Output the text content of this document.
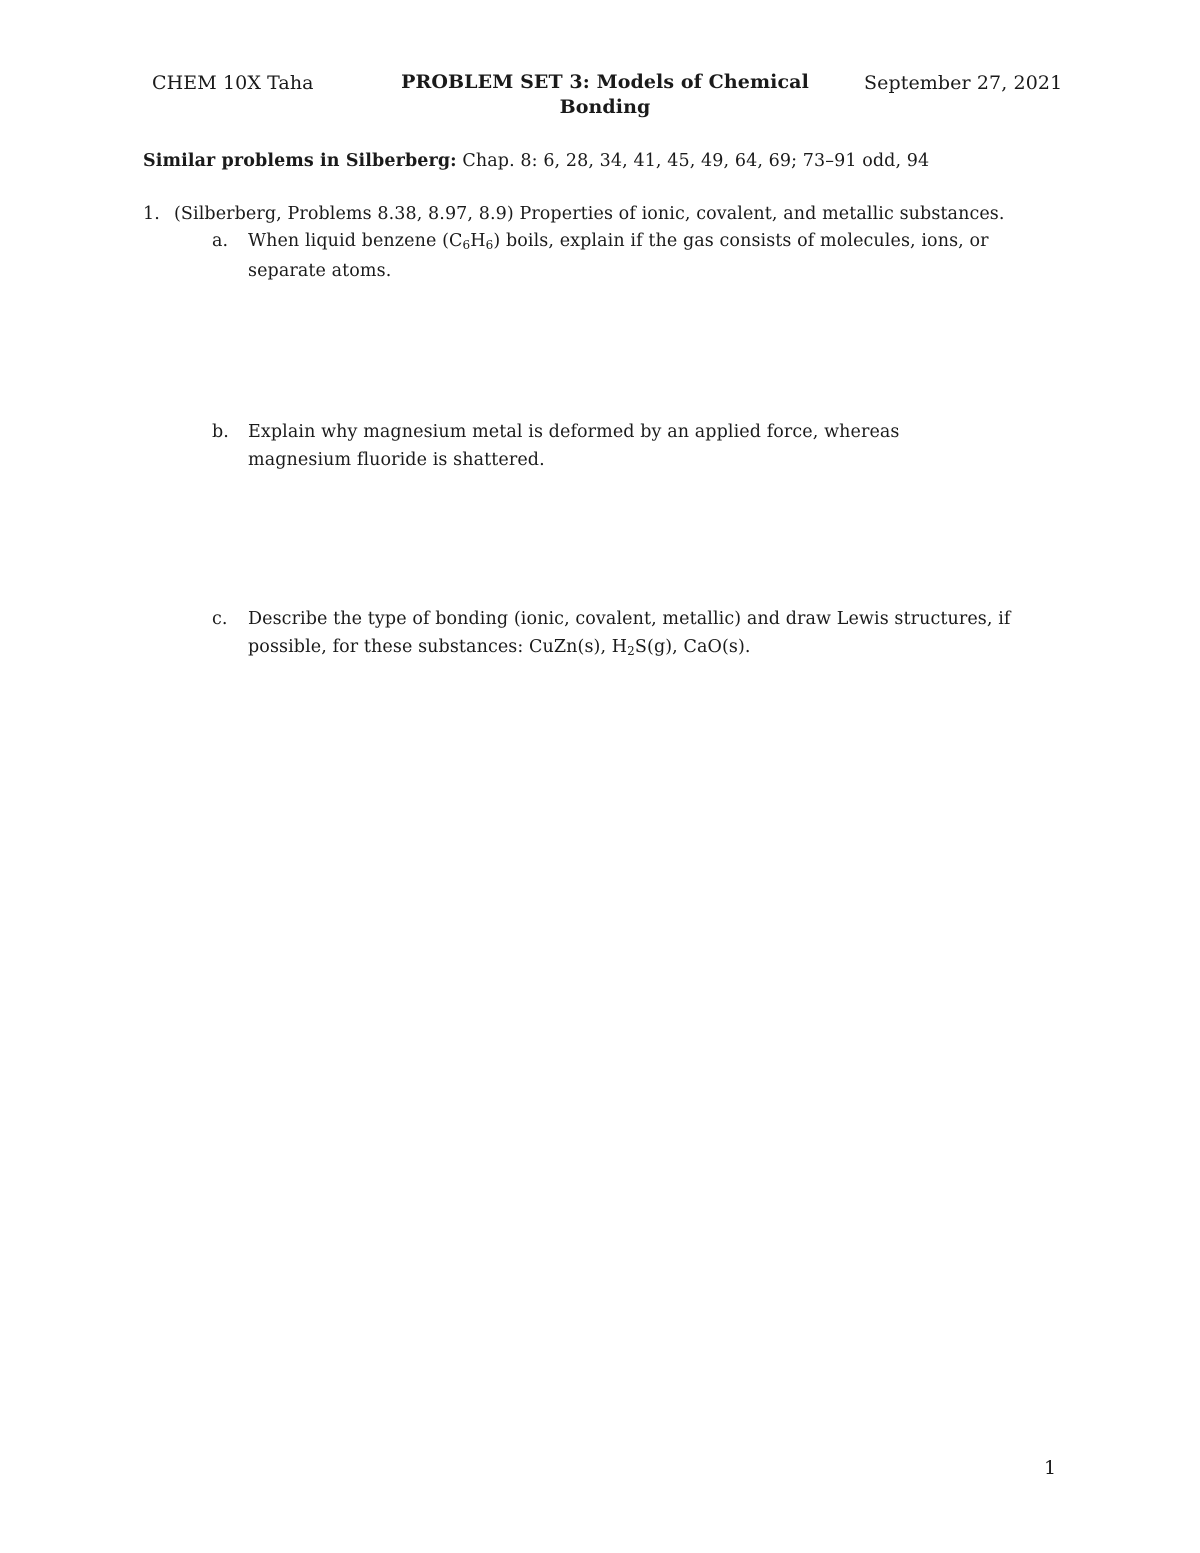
CHEM 10X Taha	PROBLEM SET 3: Models of Chemical Bonding
September 27, 2021
Similar problems in Silberberg: Chap. 8: 6, 28, 34, 41, 45, 49, 64, 69; 73–91 odd, 94
1. (Silberberg, Problems 8.38, 8.97, 8.9) Properties of ionic, covalent, and metallic substances.
a. When liquid benzene $(C_6H_6)$ boils, explain if the gas consists of molecules, ions, or
separate atoms.
b. Explain why magnesium metal is deformed by an applied force, whereas
magnesium fluoride is shattered.
c. Describe the type of bonding (ionic, covalent, metallic) and draw Lewis structures, if
possible, for these substances: CuZn(s), $H_2S(g)$, CaO(s).
1
